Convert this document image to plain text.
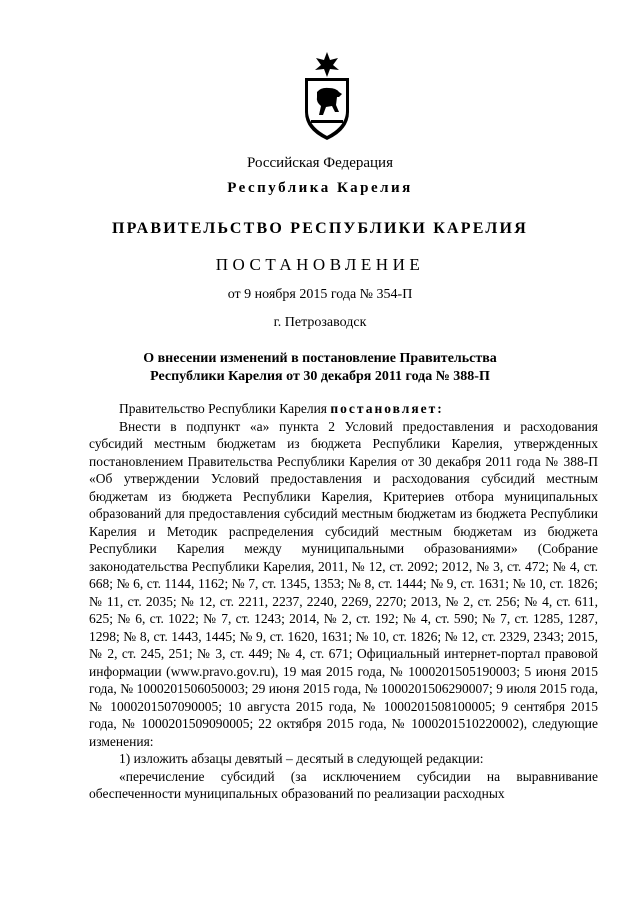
Российская Федерация
Республика Карелия
ПРАВИТЕЛЬСТВО РЕСПУБЛИКИ КАРЕЛИЯ
ПОСТАНОВЛЕНИЕ
от 9 ноября 2015 года № 354-П
г. Петрозаводск
О внесении изменений в постановление Правительства
Республики Карелия от 30 декабря 2011 года № 388-П

Правительство Республики Карелия постановляет:

Внести в подпункт «а» пункта 2 Условий предоставления и расходования субсидий местным бюджетам из бюджета Республики Карелия, утвержденных постановлением Правительства Республики Карелия от 30 декабря 2011 года № 388-П «Об утверждении Условий предоставления и расходования субсидий местным бюджетам из бюджета Республики Карелия, Критериев отбора муниципальных образований для предоставления субсидий местным бюджетам из бюджета Республики Карелия и Методик распределения субсидий местным бюджетам из бюджета Республики Карелия между муниципальными образованиями» (Собрание законодательства Республики Карелия, 2011, № 12, ст. 2092; 2012, № 3, ст. 472; № 4, ст. 668; № 6, ст. 1144, 1162; № 7, ст. 1345, 1353; № 8, ст. 1444; № 9, ст. 1631; № 10, ст. 1826; № 11, ст. 2035; № 12, ст. 2211, 2237, 2240, 2269, 2270; 2013, № 2, ст. 256; № 4, ст. 611, 625; № 6, ст. 1022; № 7, ст. 1243; 2014, № 2, ст. 192; № 4, ст. 590; № 7, ст. 1285, 1287, 1298; № 8, ст. 1443, 1445; № 9, ст. 1620, 1631; № 10, ст. 1826; № 12, ст. 2329, 2343; 2015, № 2, ст. 245, 251; № 3, ст. 449; № 4, ст. 671; Официальный интернет-портал правовой информации (www.pravo.gov.ru), 19 мая 2015 года, № 1000201505190003; 5 июня 2015 года, № 1000201506050003; 29 июня 2015 года, № 1000201506290007; 9 июля 2015 года, № 1000201507090005; 10 августа 2015 года, № 1000201508100005; 9 сентября 2015 года, № 1000201509090005; 22 октября 2015 года, № 1000201510220002), следующие изменения:

1) изложить абзацы девятый – десятый в следующей редакции:

«перечисление субсидий (за исключением субсидии на выравнивание обеспеченности муниципальных образований по реализации расходных
